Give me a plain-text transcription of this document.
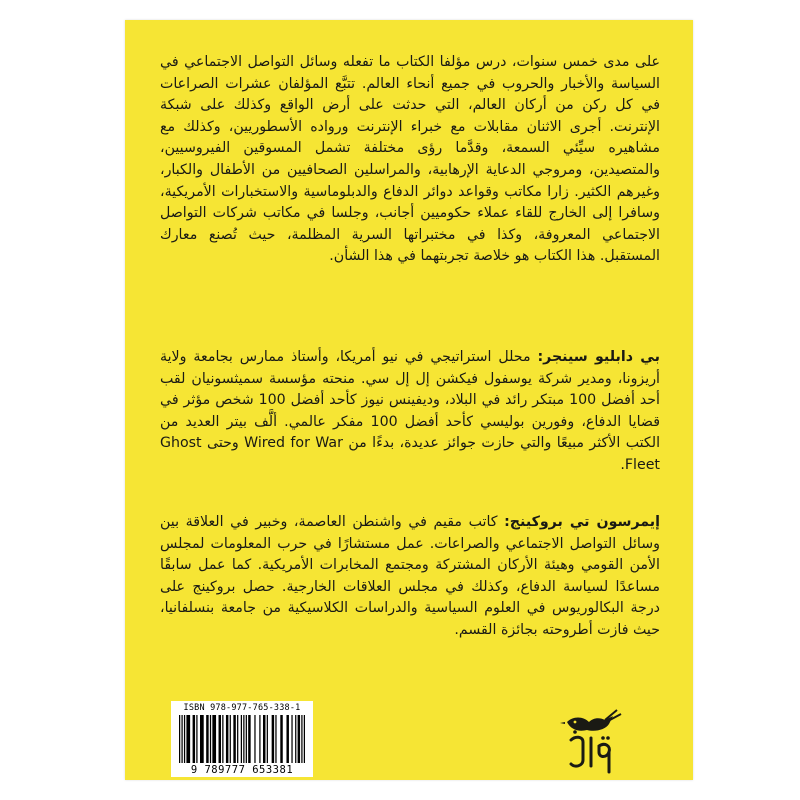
على مدى خمس سنوات، درس مؤلفا الكتاب ما تفعله وسائل التواصل الاجتماعي في السياسة والأخبار والحروب في جميع أنحاء العالم. تتبَّع المؤلفان عشرات الصراعات في كل ركن من أركان العالم، التي حدثت على أرض الواقع وكذلك على شبكة الإنترنت. أجرى الاثنان مقابلات مع خبراء الإنترنت ورواده الأسطوريين، وكذلك مع مشاهيره سيِّئي السمعة، وقدَّما رؤى مختلفة تشمل المسوقين الفيروسيين، والمتصيدين، ومروجي الدعاية الإرهابية، والمراسلين الصحافيين من الأطفال والكبار، وغيرهم الكثير. زارا مكاتب وقواعد دوائر الدفاع والدبلوماسية والاستخبارات الأمريكية، وسافرا إلى الخارج للقاء عملاء حكوميين أجانب، وجلسا في مكاتب شركات التواصل الاجتماعي المعروفة، وكذا في مختبراتها السرية المظلمة، حيث تُصنع معارك المستقبل. هذا الكتاب هو خلاصة تجربتهما في هذا الشأن.
بي دابليو سينجر: محلل استراتيجي في نيو أمريكا، وأستاذ ممارس بجامعة ولاية أريزونا، ومدير شركة يوسفول فيكشن إل إل سي. منحته مؤسسة سميثسونيان لقب أحد أفضل 100 مبتكر رائد في البلاد، وديفينس نيوز كأحد أفضل 100 شخص مؤثر في قضايا الدفاع، وفورين بوليسي كأحد أفضل 100 مفكر عالمي. ألَّف بيتر العديد من الكتب الأكثر مبيعًا والتي حازت جوائز عديدة، بدءًا من Wired for War وحتى Ghost Fleet.
إيمرسون تي بروكينج: كاتب مقيم في واشنطن العاصمة، وخبير في العلاقة بين وسائل التواصل الاجتماعي والصراعات. عمل مستشارًا في حرب المعلومات لمجلس الأمن القومي وهيئة الأركان المشتركة ومجتمع المخابرات الأمريكية. كما عمل سابقًا مساعدًا لسياسة الدفاع، وكذلك في مجلس العلاقات الخارجية. حصل بروكينج على درجة البكالوريوس في العلوم السياسية والدراسات الكلاسيكية من جامعة بنسلفانيا، حيث فازت أطروحته بجائزة القسم.
ISBN 978-977-765-338-1
9 789777 653381
